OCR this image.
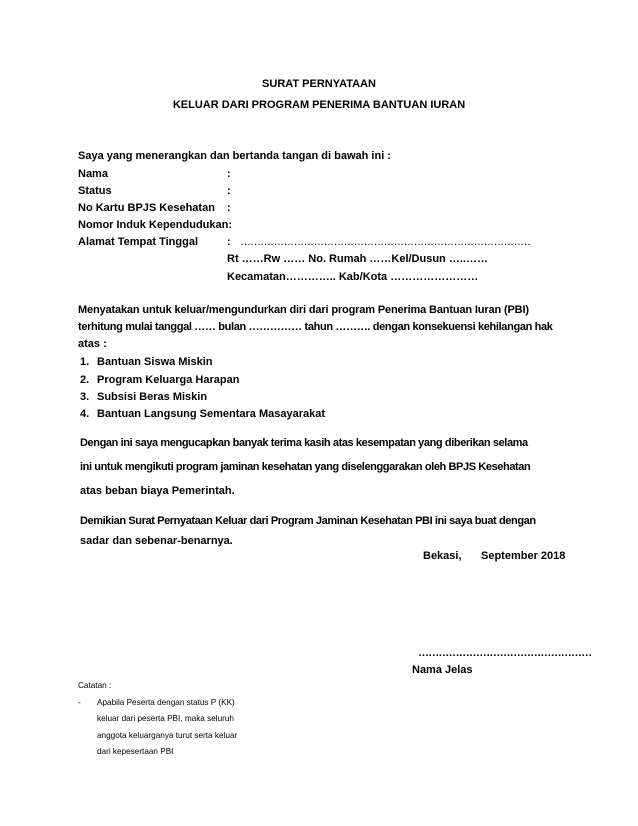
SURAT PERNYATAAN
KELUAR DARI PROGRAM PENERIMA BANTUAN IURAN
Saya yang menerangkan dan bertanda tangan di bawah ini :
Nama	:
Status	:
No Kartu BPJS Kesehatan :
Nomor Induk Kependudukan:
Alamat Tempat Tinggal	: ……………………………………………………………………………
Rt ……Rw …… No. Rumah ……Kel/Dusun …..……
Kecamatan………….. Kab/Kota ……………………
Menyatakan untuk keluar/mengundurkan diri dari program Penerima Bantuan Iuran (PBI)
terhitung mulai tanggal …… bulan …………… tahun ………. dengan konsekuensi kehilangan hak
atas :
1. Bantuan Siswa Miskin
2. Program Keluarga Harapan
3. Subsisi Beras Miskin
4. Bantuan Langsung Sementara Masayarakat
Dengan ini saya mengucapkan banyak terima kasih atas kesempatan yang diberikan selama
ini untuk mengikuti program jaminan kesehatan yang diselenggarakan oleh BPJS Kesehatan
atas beban biaya Pemerintah.
Demikian Surat Pernyataan Keluar dari Program Jaminan Kesehatan PBI ini saya buat dengan
sadar dan sebenar-benarnya.
Bekasi, September 2018
……………………………………………
Nama Jelas
Catatan :
- Apabila Peserta dengan status P (KK)
keluar dari peserta PBI, maka seluruh
anggota keluarganya turut serta keluar
dari kepesertaan PBI
